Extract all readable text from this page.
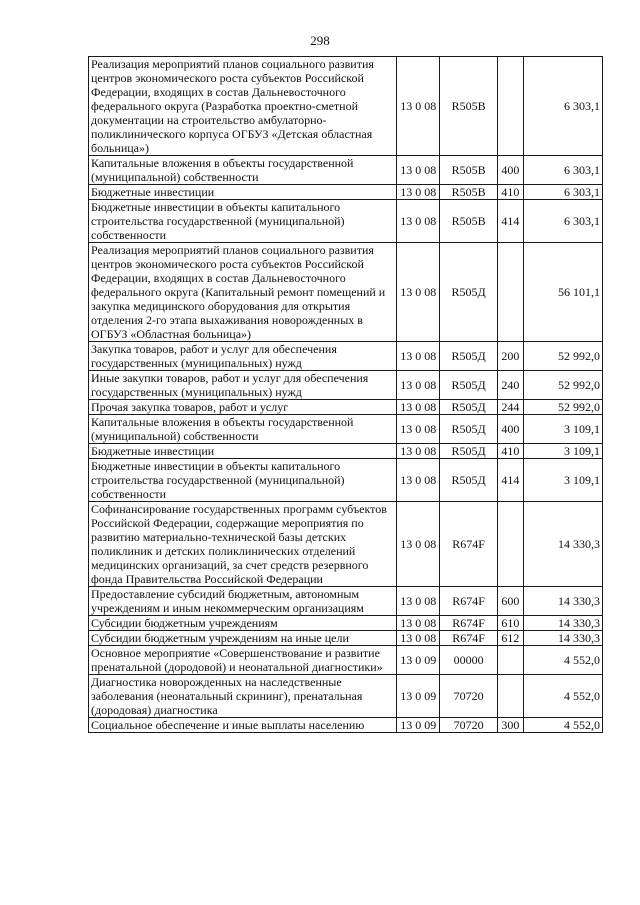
298
Реализация мероприятий планов социального развития центров экономического роста субъектов Российской Федерации, входящих в состав Дальневосточного федерального округа (Разработка проектно-сметной документации на строительство амбулаторно-поликлинического корпуса ОГБУЗ «Детская областная больница»)	13 0 08	R505B		6 303,1
Капитальные вложения в объекты государственной (муниципальной) собственности	13 0 08	R505B	400	6 303,1
Бюджетные инвестиции	13 0 08	R505B	410	6 303,1
Бюджетные инвестиции в объекты капитального строительства государственной (муниципальной) собственности	13 0 08	R505B	414	6 303,1
Реализация мероприятий планов социального развития центров экономического роста субъектов Российской Федерации, входящих в состав Дальневосточного федерального округа (Капитальный ремонт помещений и закупка медицинского оборудования для открытия отделения 2-го этапа выхаживания новорожденных в ОГБУЗ «Областная больница»)	13 0 08	R505Д		56 101,1
Закупка товаров, работ и услуг для обеспечения государственных (муниципальных) нужд	13 0 08	R505Д	200	52 992,0
Иные закупки товаров, работ и услуг для обеспечения государственных (муниципальных) нужд	13 0 08	R505Д	240	52 992,0
Прочая закупка товаров, работ и услуг	13 0 08	R505Д	244	52 992,0
Капитальные вложения в объекты государственной (муниципальной) собственности	13 0 08	R505Д	400	3 109,1
Бюджетные инвестиции	13 0 08	R505Д	410	3 109,1
Бюджетные инвестиции в объекты капитального строительства государственной (муниципальной) собственности	13 0 08	R505Д	414	3 109,1
Софинансирование государственных программ субъектов Российской Федерации, содержащие мероприятия по развитию материально-технической базы детских поликлиник и детских поликлинических отделений медицинских организаций, за счет средств резервного фонда Правительства Российской Федерации	13 0 08	R674F		14 330,3
Предоставление субсидий бюджетным, автономным учреждениям и иным некоммерческим организациям	13 0 08	R674F	600	14 330,3
Субсидии бюджетным учреждениям	13 0 08	R674F	610	14 330,3
Субсидии бюджетным учреждениям на иные цели	13 0 08	R674F	612	14 330,3
Основное мероприятие «Совершенствование и развитие пренатальной (дородовой) и неонатальной диагностики»	13 0 09	00000		4 552,0
Диагностика новорожденных на наследственные заболевания (неонатальный скрининг), пренатальная (дородовая) диагностика	13 0 09	70720		4 552,0
Социальное обеспечение и иные выплаты населению	13 0 09	70720	300	4 552,0
